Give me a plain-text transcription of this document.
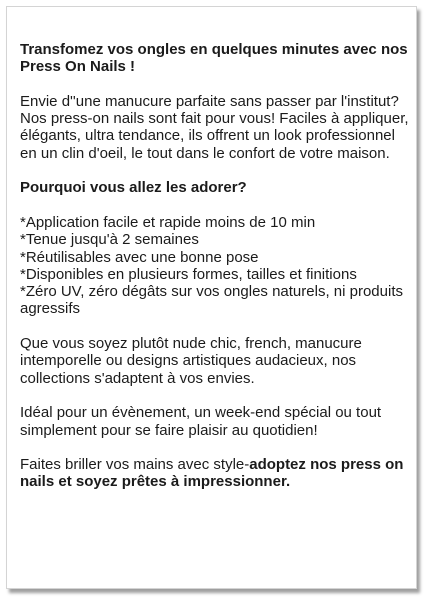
Transfomez vos ongles en quelques minutes avec nos Press On Nails !

Envie d''une manucure parfaite sans passer par l'institut? Nos press-on nails sont fait pour vous! Faciles à appliquer, élégants, ultra tendance, ils offrent un look professionnel en un clin d'oeil, le tout dans le confort de votre maison.

Pourquoi vous allez les adorer?

*Application facile et rapide moins de 10 min
*Tenue jusqu'à 2 semaines
*Réutilisables avec une bonne pose
*Disponibles en plusieurs formes, tailles et finitions
*Zéro UV, zéro dégâts sur vos ongles naturels, ni produits agressifs

Que vous soyez plutôt nude chic, french, manucure intemporelle ou designs artistiques audacieux, nos collections s'adaptent à vos envies.

Idéal pour un évènement, un week-end spécial ou tout simplement pour se faire plaisir au quotidien!

Faites briller vos mains avec style-adoptez nos press on nails et soyez prêtes à impressionner.
